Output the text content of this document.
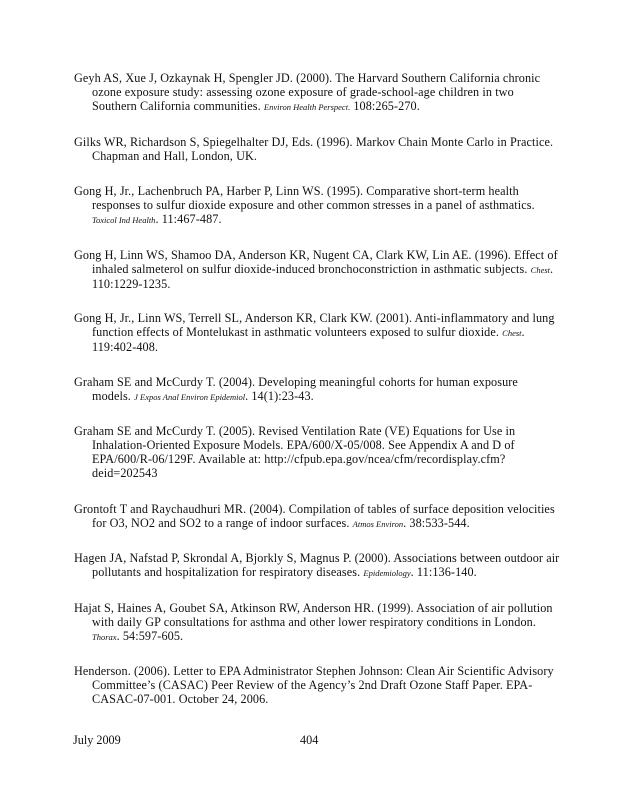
Geyh AS, Xue J, Ozkaynak H, Spengler JD. (2000). The Harvard Southern California chronic ozone exposure study: assessing ozone exposure of grade-school-age children in two Southern California communities. Environ Health Perspect. 108:265-270.

Gilks WR, Richardson S, Spiegelhalter DJ, Eds. (1996). Markov Chain Monte Carlo in Practice. Chapman and Hall, London, UK.

Gong H, Jr., Lachenbruch PA, Harber P, Linn WS. (1995). Comparative short-term health responses to sulfur dioxide exposure and other common stresses in a panel of asthmatics. Toxicol Ind Health. 11:467-487.

Gong H, Linn WS, Shamoo DA, Anderson KR, Nugent CA, Clark KW, Lin AE. (1996). Effect of inhaled salmeterol on sulfur dioxide-induced bronchoconstriction in asthmatic subjects. Chest. 110:1229-1235.

Gong H, Jr., Linn WS, Terrell SL, Anderson KR, Clark KW. (2001). Anti-inflammatory and lung function effects of Montelukast in asthmatic volunteers exposed to sulfur dioxide. Chest. 119:402-408.

Graham SE and McCurdy T. (2004). Developing meaningful cohorts for human exposure models. J Expos Anal Environ Epidemiol. 14(1):23-43.

Graham SE and McCurdy T. (2005). Revised Ventilation Rate (VE) Equations for Use in Inhalation-Oriented Exposure Models. EPA/600/X-05/008. See Appendix A and D of EPA/600/R-06/129F. Available at: http://cfpub.epa.gov/ncea/cfm/recordisplay.cfm?deid=202543

Grontoft T and Raychaudhuri MR. (2004). Compilation of tables of surface deposition velocities for O3, NO2 and SO2 to a range of indoor surfaces. Atmos Environ. 38:533-544.

Hagen JA, Nafstad P, Skrondal A, Bjorkly S, Magnus P. (2000). Associations between outdoor air pollutants and hospitalization for respiratory diseases. Epidemiology. 11:136-140.

Hajat S, Haines A, Goubet SA, Atkinson RW, Anderson HR. (1999). Association of air pollution with daily GP consultations for asthma and other lower respiratory conditions in London. Thorax. 54:597-605.

Henderson. (2006). Letter to EPA Administrator Stephen Johnson: Clean Air Scientific Advisory Committee’s (CASAC) Peer Review of the Agency’s 2nd Draft Ozone Staff Paper. EPA-CASAC-07-001. October 24, 2006.

July 2009	404
